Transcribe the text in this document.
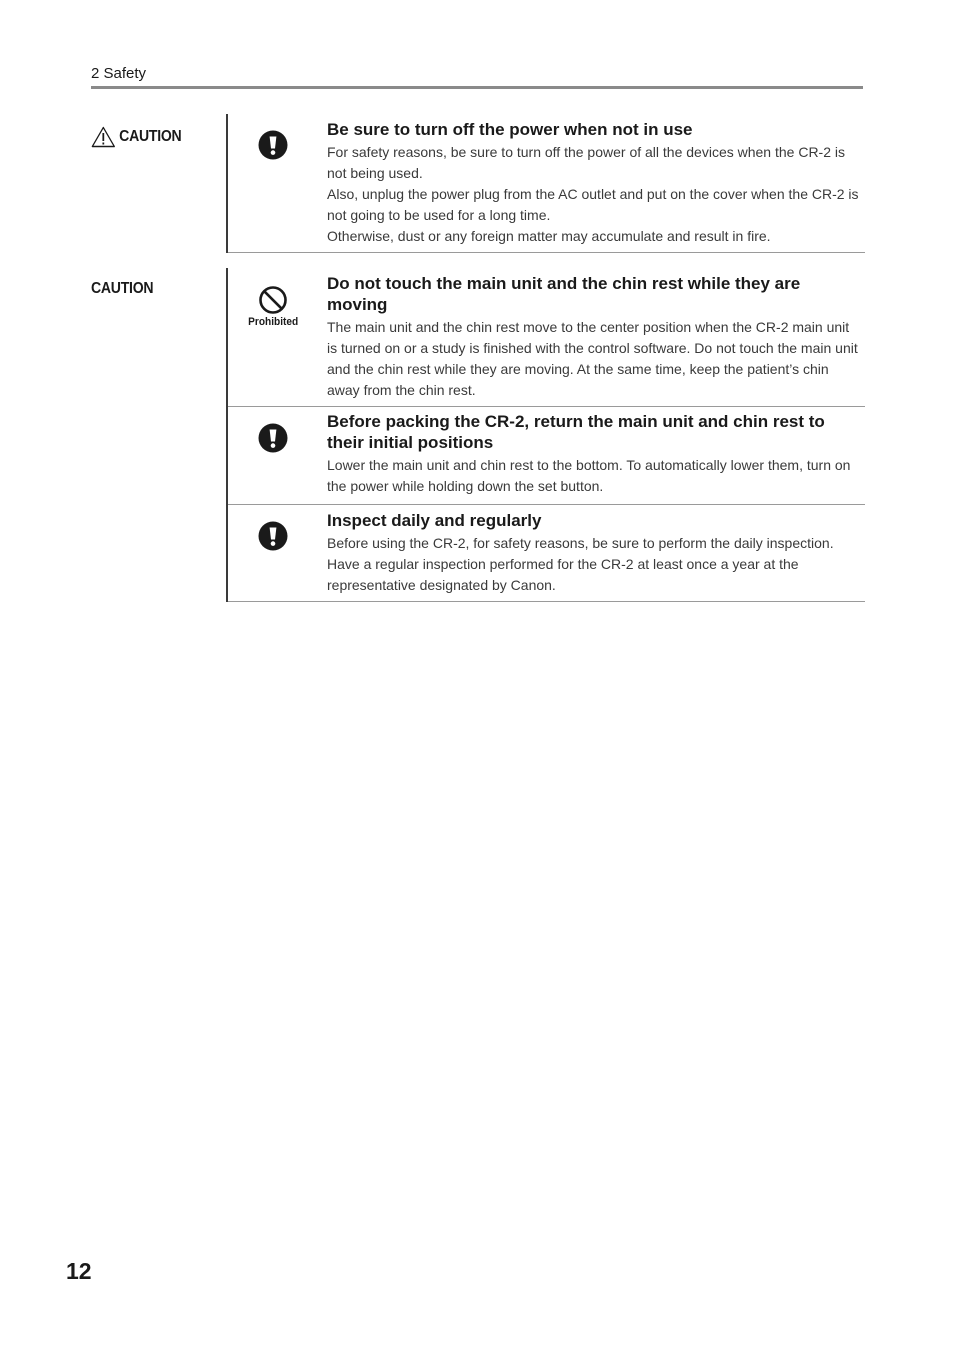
2 Safety
CAUTION	Be sure to turn off the power when not in use

For safety reasons, be sure to turn off the power of all the devices when the CR-2 is not being used.

Also, unplug the power plug from the AC outlet and put on the cover when the CR-2 is not going to be used for a long time.

Otherwise, dust or any foreign matter may accumulate and result in fire.

CAUTION
Prohibited
Do not touch the main unit and the chin rest while they are moving

The main unit and the chin rest move to the center position when the CR-2 main unit is turned on or a study is finished with the control software. Do not touch the main unit and the chin rest while they are moving. At the same time, keep the patient’s chin away from the chin rest.

Before packing the CR-2, return the main unit and chin rest to their initial positions

Lower the main unit and chin rest to the bottom. To automatically lower them, turn on the power while holding down the set button.

Inspect daily and regularly

Before using the CR-2, for safety reasons, be sure to perform the daily inspection. Have a regular inspection performed for the CR-2 at least once a year at the representative designated by Canon.

12
